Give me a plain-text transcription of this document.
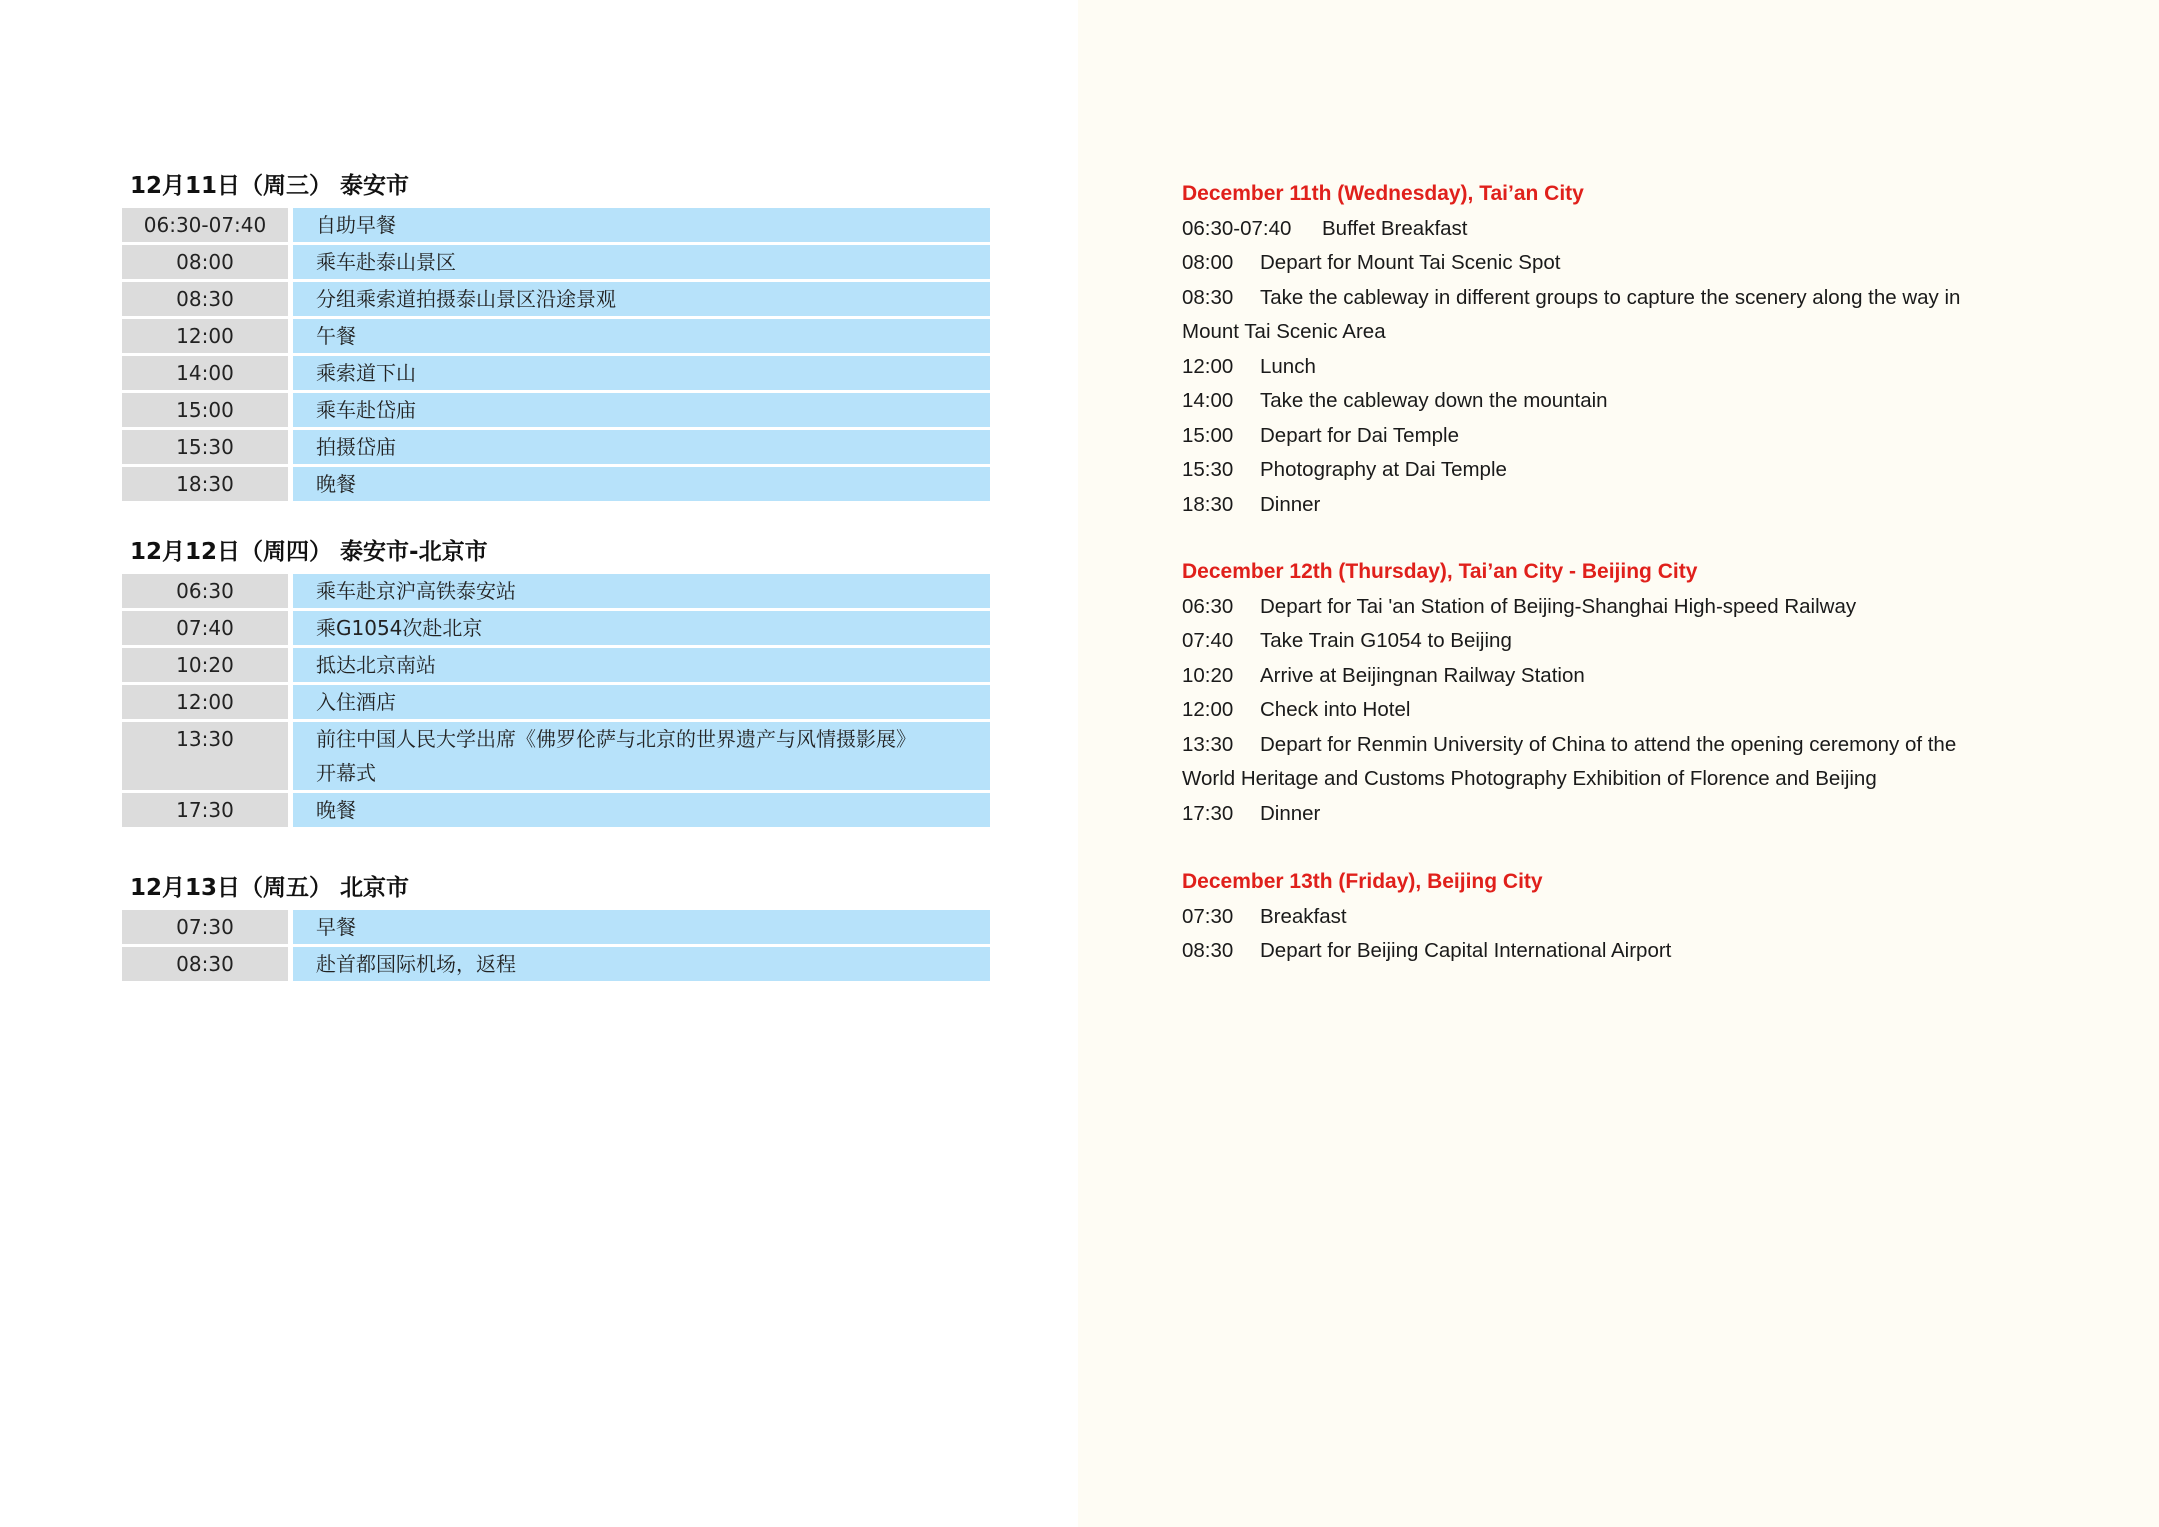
12月11日（周三） 泰安市
06:30-07:40	自助早餐
08:00	乘车赴泰山景区
08:30	分组乘索道拍摄泰山景区沿途景观
12:00	午餐
14:00	乘索道下山
15:00	乘车赴岱庙
15:30	拍摄岱庙
18:30	晚餐
12月12日（周四） 泰安市-北京市
06:30	乘车赴京沪高铁泰安站
07:40	乘G1054次赴北京
10:20	抵达北京南站
12:00	入住酒店
13:30	前往中国人民大学出席《佛罗伦萨与北京的世界遗产与风情摄影展》
开幕式
17:30	晚餐
12月13日（周五） 北京市
07:30	早餐
08:30	赴首都国际机场，返程
December 11th (Wednesday), Tai’an City
06:30-07:40 Buffet Breakfast
08:00 Depart for Mount Tai Scenic Spot
08:30 Take the cableway in different groups to capture the scenery along the way in
Mount Tai Scenic Area
12:00 Lunch
14:00 Take the cableway down the mountain
15:00 Depart for Dai Temple
15:30 Photography at Dai Temple
18:30 Dinner
December 12th (Thursday), Tai’an City - Beijing City
06:30 Depart for Tai 'an Station of Beijing-Shanghai High-speed Railway
07:40 Take Train G1054 to Beijing
10:20 Arrive at Beijingnan Railway Station
12:00 Check into Hotel
13:30 Depart for Renmin University of China to attend the opening ceremony of the
World Heritage and Customs Photography Exhibition of Florence and Beijing
17:30 Dinner
December 13th (Friday), Beijing City
07:30 Breakfast
08:30 Depart for Beijing Capital International Airport
